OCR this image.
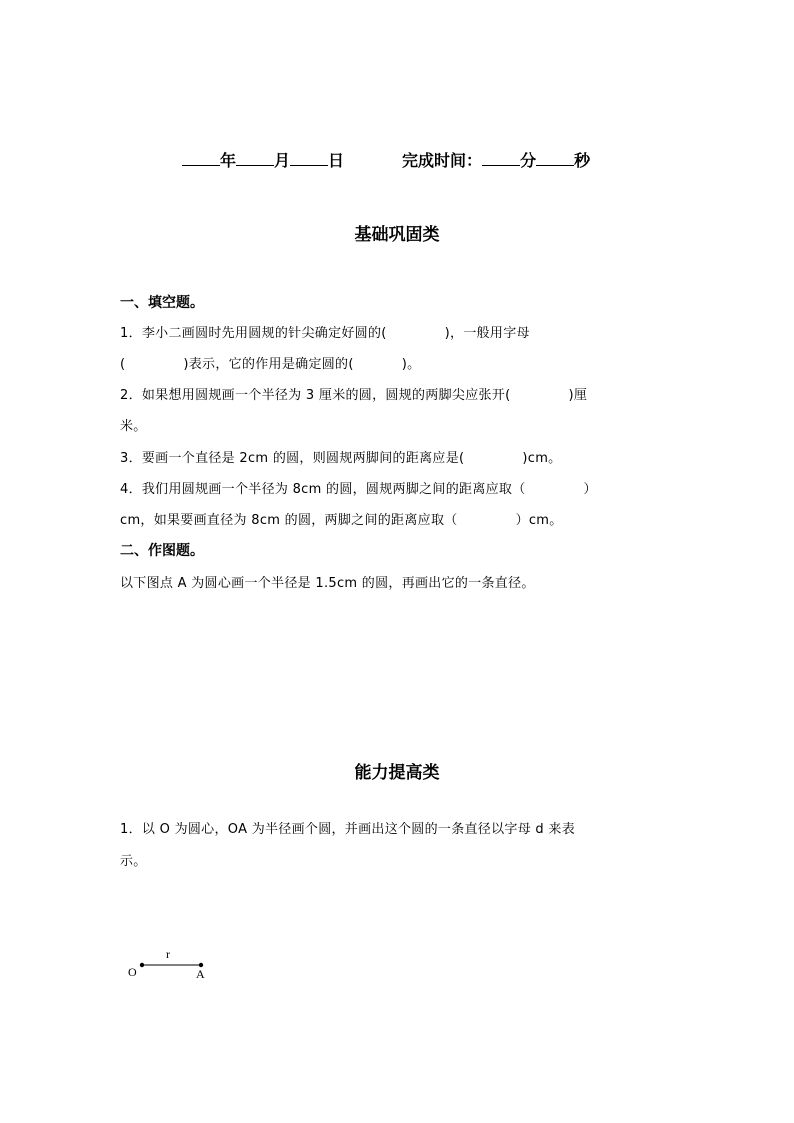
年 月 日	完成时间： 分 秒
基础巩固类
一、填空题。
1．李小二画圆时先用圆规的针尖确定好圆的(	)，一般用字母
(	)表示，它的作用是确定圆的(	)。
2．如果想用圆规画一个半径为 3 厘米的圆，圆规的两脚尖应张开(	)厘
米。
3．要画一个直径是 2cm 的圆，则圆规两脚间的距离应是(	)cm。
4．我们用圆规画一个半径为 8cm 的圆，圆规两脚之间的距离应取（	）
cm，如果要画直径为 8cm 的圆，两脚之间的距离应取（	）cm。
二、作图题。
以下图点 A 为圆心画一个半径是 1.5cm 的圆，再画出它的一条直径。
能力提高类
1．以 O 为圆心，OA 为半径画个圆，并画出这个圆的一条直径以字母 d 来表
示。
r
O	A
